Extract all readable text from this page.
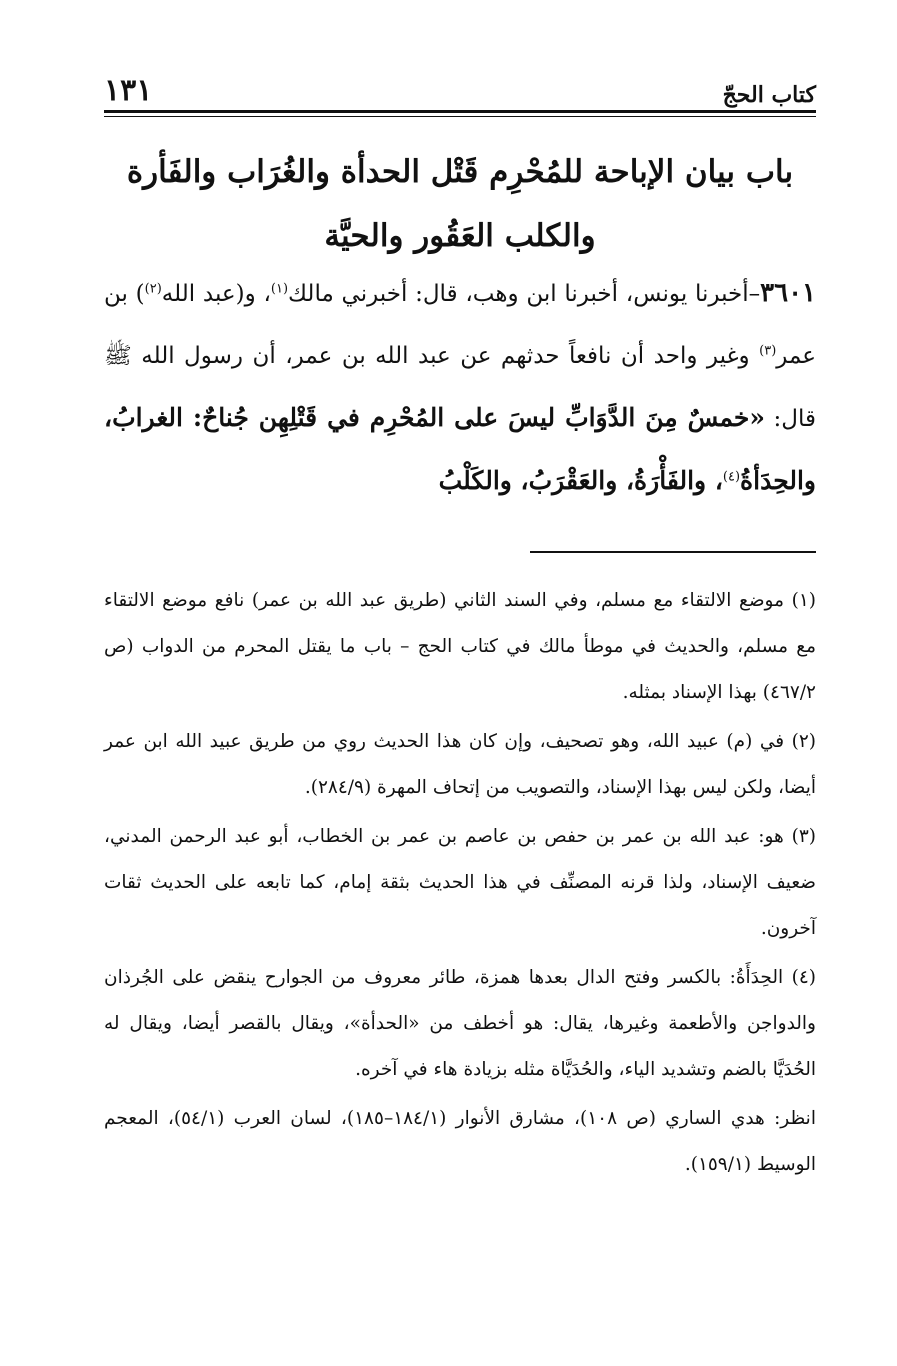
١٣١	كتاب الحجّ
باب بيان الإباحة للمُحْرِم قَتْل الحدأة والغُرَاب والفَأرة
والكلب العَقُور والحيَّة

٣٦٠١–أخبرنا يونس، أخبرنا ابن وهب، قال: أخبرني مالك$^{(١)}$، و(عبد الله$^{(٢)}$) بن عمر$^{(٣)}$ وغير واحد أن نافعاً حدثهم عن عبد الله بن عمر، أن رسول الله ﷺ قال: «خمسٌ مِنَ الدَّوَابِّ ليسَ على المُحْرِم في قَتْلِهِن جُناحٌ: الغرابُ، والحِدَأةُ$^{(٤)}$، والفَأْرَةُ، والعَقْرَبُ، والكَلْبُ

(١) موضع الالتقاء مع مسلم، وفي السند الثاني (طريق عبد الله بن عمر) نافع موضع الالتقاء مع مسلم، والحديث في موطأ مالك في كتاب الحج – باب ما يقتل المحرم من الدواب (ص ٤٦٧/٢) بهذا الإسناد بمثله.

(٢) في (م) عبيد الله، وهو تصحيف، وإن كان هذا الحديث روي من طريق عبيد الله ابن عمر أيضا، ولكن ليس بهذا الإسناد، والتصويب من إتحاف المهرة (٢٨٤/٩).

(٣) هو: عبد الله بن عمر بن حفص بن عاصم بن عمر بن الخطاب، أبو عبد الرحمن المدني، ضعيف الإسناد، ولذا قرنه المصنِّف في هذا الحديث بثقة إمام، كما تابعه على الحديث ثقات آخرون.

(٤) الحِدَأَةُ: بالكسر وفتح الدال بعدها همزة، طائر معروف من الجوارح ينقض على الجُرذان والدواجن والأطعمة وغيرها، يقال: هو أخطف من «الحدأة»، ويقال بالقصر أيضا، ويقال له الحُدَيَّا بالضم وتشديد الياء، والحُدَيَّاة مثله بزيادة هاء في آخره.

انظر: هدي الساري (ص ١٠٨)، مشارق الأنوار (١٨٤/١–١٨٥)، لسان العرب (٥٤/١)، المعجم الوسيط (١٥٩/١).
